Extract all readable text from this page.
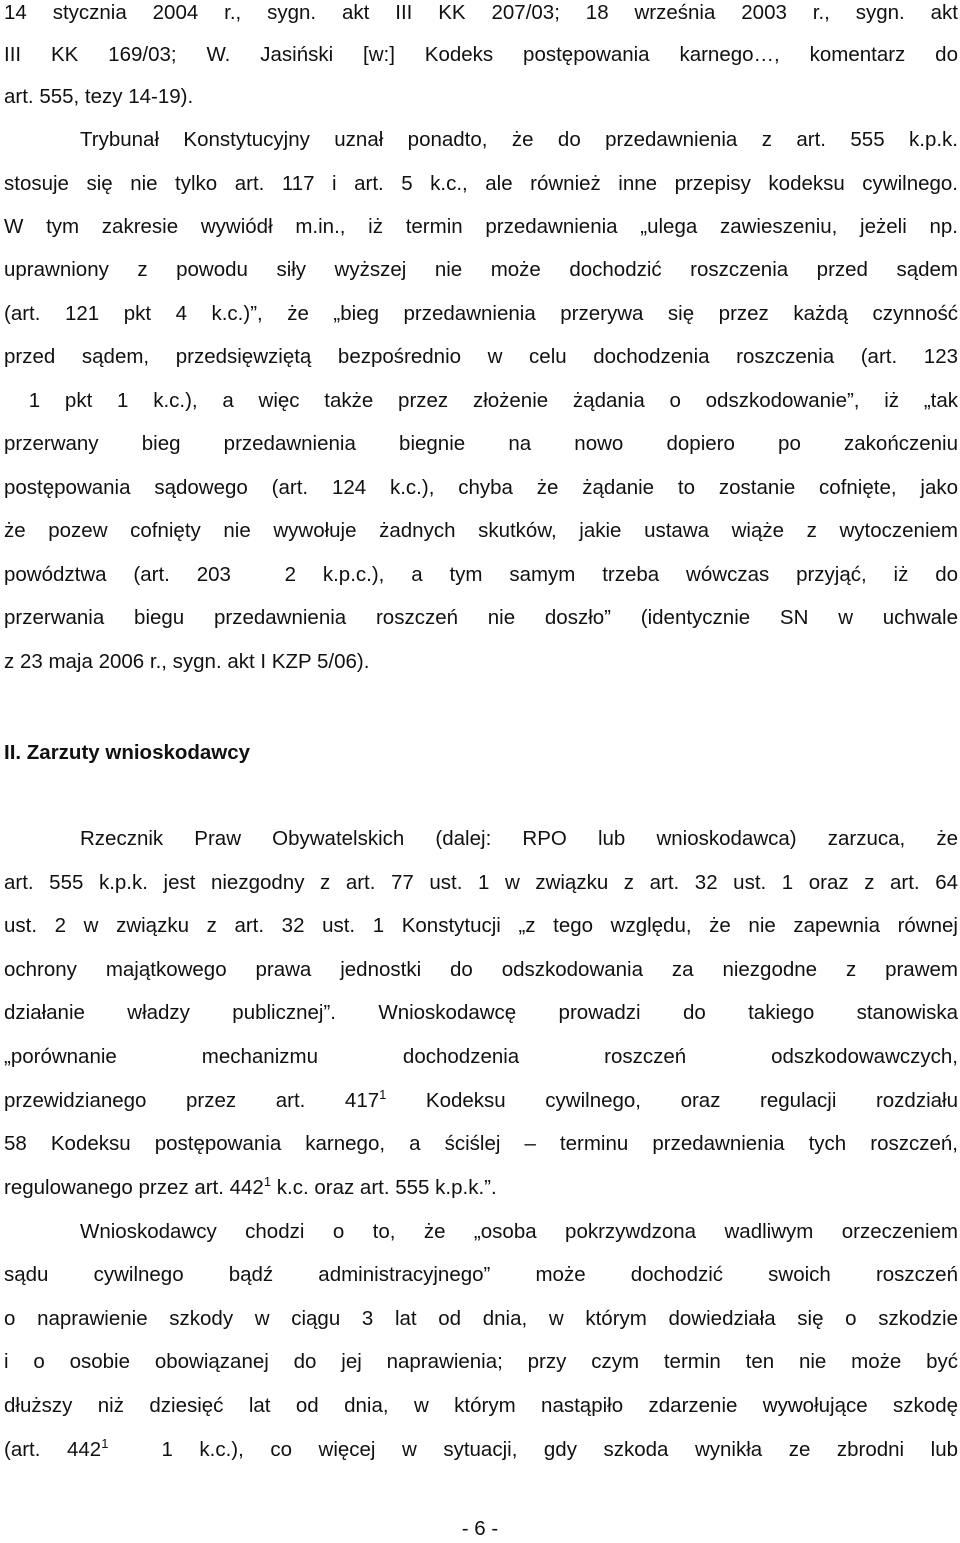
14 stycznia 2004 r., sygn. akt III KK 207/03; 18 września 2003 r., sygn. akt
III KK 169/03; W. Jasiński [w:] Kodeks postępowania karnego…, komentarz do
art. 555, tezy 14-19).
Trybunał Konstytucyjny uznał ponadto, że do przedawnienia z art. 555 k.p.k.
stosuje się nie tylko art. 117 i art. 5 k.c., ale również inne przepisy kodeksu cywilnego.
W tym zakresie wywiódł m.in., iż termin przedawnienia „ulega zawieszeniu, jeżeli np.
uprawniony z powodu siły wyższej nie może dochodzić roszczenia przed sądem
(art. 121 pkt 4 k.c.)”, że „bieg przedawnienia przerywa się przez każdą czynność
przed sądem, przedsięwziętą bezpośrednio w celu dochodzenia roszczenia (art. 123
1 pkt 1 k.c.), a więc także przez złożenie żądania o odszkodowanie”, iż „tak
przerwany bieg przedawnienia biegnie na nowo dopiero po zakończeniu
postępowania sądowego (art. 124 k.c.), chyba że żądanie to zostanie cofnięte, jako
że pozew cofnięty nie wywołuje żadnych skutków, jakie ustawa wiąże z wytoczeniem
powództwa (art. 203  2 k.p.c.), a tym samym trzeba wówczas przyjąć, iż do
przerwania biegu przedawnienia roszczeń nie doszło” (identycznie SN w uchwale
z 23 maja 2006 r., sygn. akt I KZP 5/06).
II. Zarzuty wnioskodawcy
Rzecznik Praw Obywatelskich (dalej: RPO lub wnioskodawca) zarzuca, że
art. 555 k.p.k. jest niezgodny z art. 77 ust. 1 w związku z art. 32 ust. 1 oraz z art. 64
ust. 2 w związku z art. 32 ust. 1 Konstytucji „z tego względu, że nie zapewnia równej
ochrony majątkowego prawa jednostki do odszkodowania za niezgodne z prawem
działanie władzy publicznej”. Wnioskodawcę prowadzi do takiego stanowiska
„porównanie mechanizmu dochodzenia roszczeń odszkodowawczych,
przewidzianego przez art. $417^1$ Kodeksu cywilnego, oraz regulacji rozdziału
58 Kodeksu postępowania karnego, a ściślej – terminu przedawnienia tych roszczeń,
regulowanego przez art. $442^1$ k.c. oraz art. 555 k.p.k.”.
Wnioskodawcy chodzi o to, że „osoba pokrzywdzona wadliwym orzeczeniem
sądu cywilnego bądź administracyjnego” może dochodzić swoich roszczeń
o naprawienie szkody w ciągu 3 lat od dnia, w którym dowiedziała się o szkodzie
i o osobie obowiązanej do jej naprawienia; przy czym termin ten nie może być
dłuższy niż dziesięć lat od dnia, w którym nastąpiło zdarzenie wywołujące szkodę
(art. $442^1$  1 k.c.), co więcej w sytuacji, gdy szkoda wynikła ze zbrodni lub
- 6 -
